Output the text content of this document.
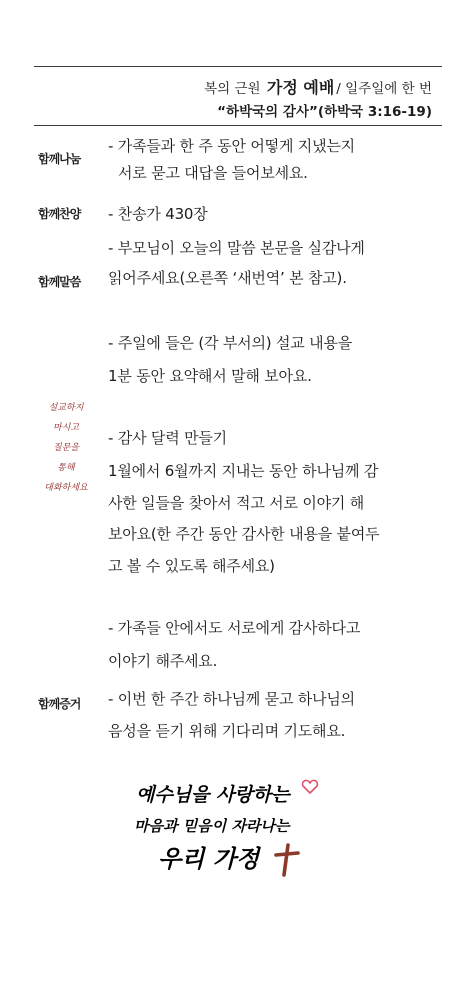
복의 근원 가정 예배 / 일주일에 한 번
“하박국의 감사”(하박국 3:16-19)
함께나눔
- 가족들과 한 주 동안 어떻게 지냈는지
서로 묻고 대답을 들어보세요.
함께찬양 - 찬송가 430장
함께말씀
- 부모님이 오늘의 말씀 본문을 실감나게
읽어주세요(오른쪽 ‘새번역’ 본 참고).
- 주일에 들은 (각 부서의) 설교 내용을
1분 동안 요약해서 말해 보아요.
- 감사 달력 만들기
1월에서 6월까지 지내는 동안 하나님께 감
사한 일들을 찾아서 적고 서로 이야기 해
보아요(한 주간 동안 감사한 내용을 붙여두
고 볼 수 있도록 해주세요)
- 가족들 안에서도 서로에게 감사하다고
이야기 해주세요.
설교하지
마시고
질문을
통해
대화하세요
함께증거 - 이번 한 주간 하나님께 묻고 하나님의
음성을 듣기 위해 기다리며 기도해요.
예수님을 사랑하는
마음과 믿음이 자라나는
우리 가정
